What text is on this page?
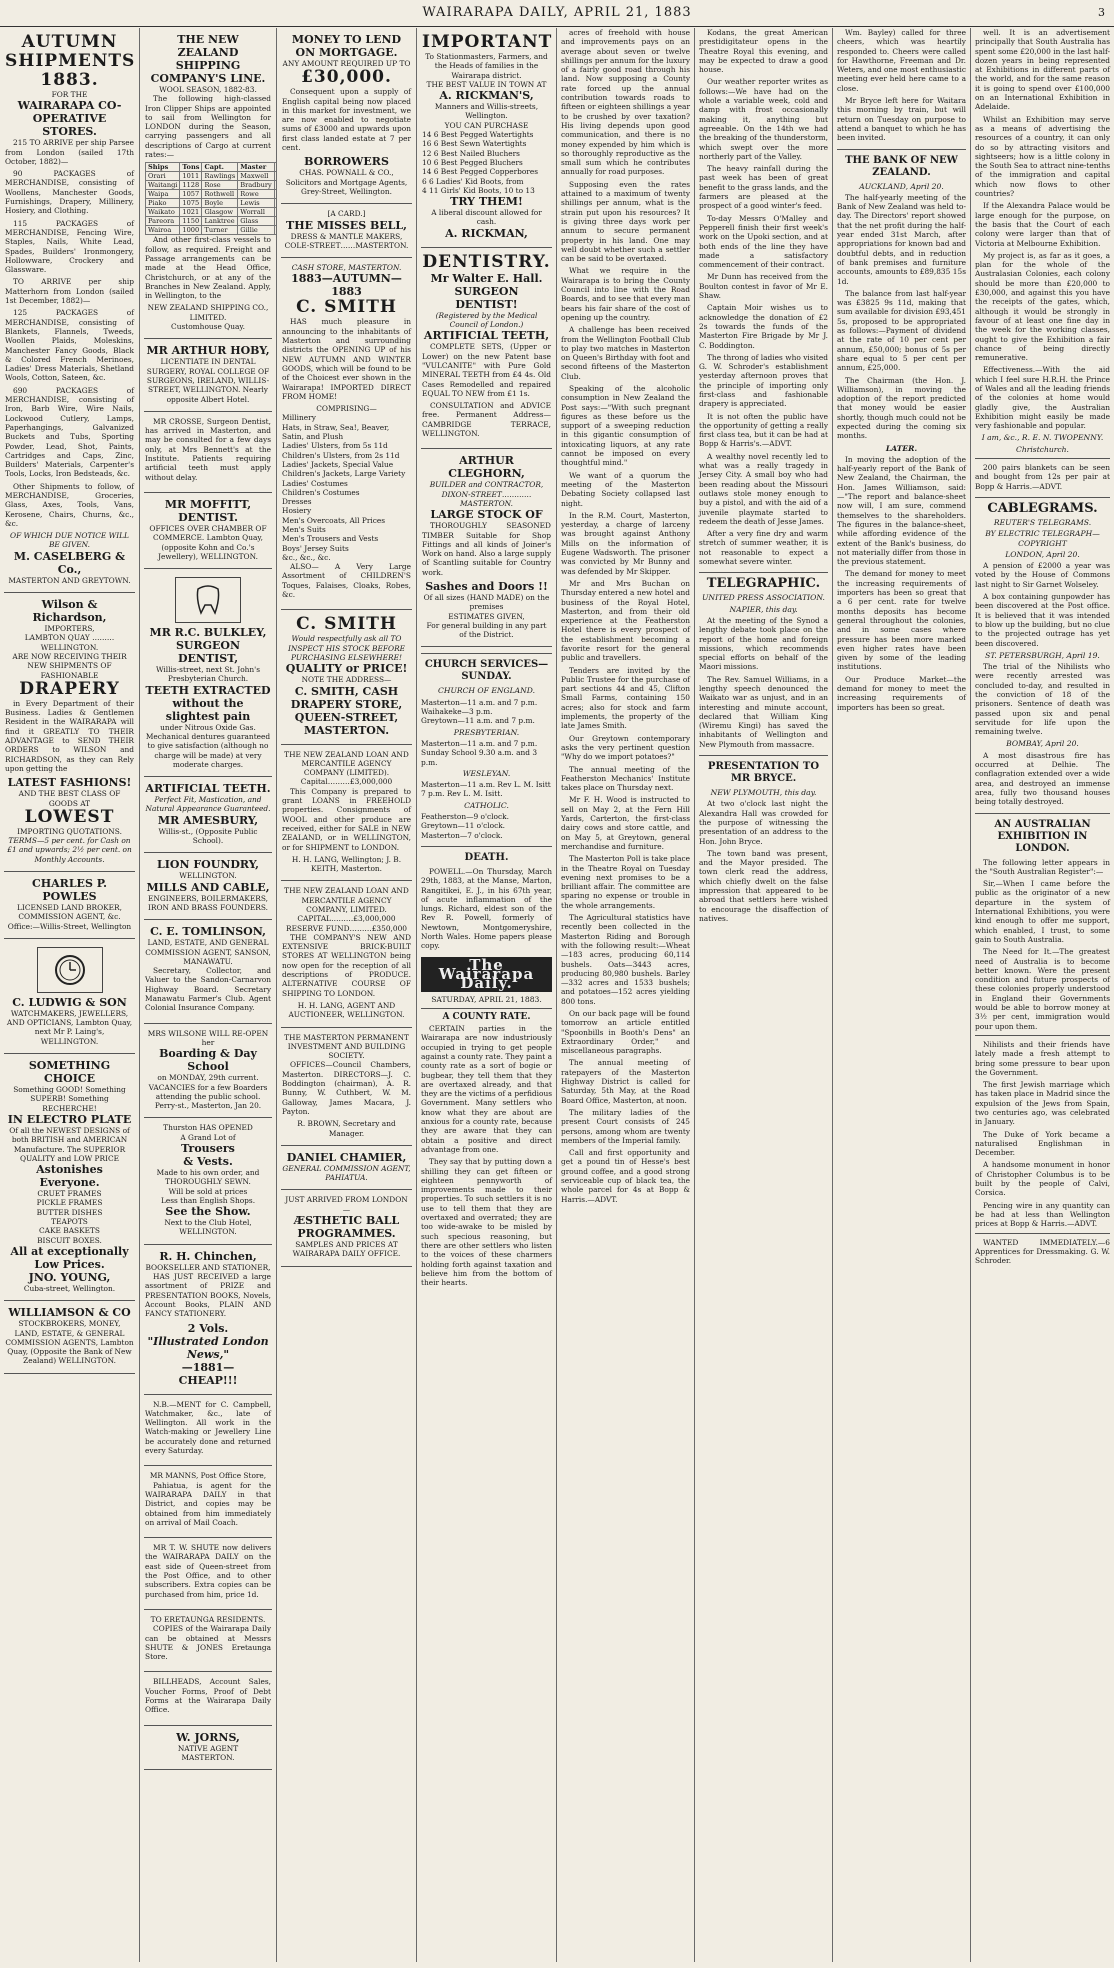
WAIRARAPA DAILY, APRIL 21, 1883	3
AUTUMN SHIPMENTS
1883.
FOR THE
WAIRARAPA CO-OPERATIVE STORES.

215 TO ARRIVE per ship Parsee from London (sailed 17th October, 1882)—

90 PACKAGES of MERCHANDISE, consisting of Woollens, Manchester Goods, Furnishings, Drapery, Millinery, Hosiery, and Clothing.

115 PACKAGES of MERCHANDISE, Fencing Wire, Staples, Nails, White Lead, Spades, Builders' Ironmongery, Hollowware, Crockery and Glassware.

TO ARRIVE per ship Matterhorn from London (sailed 1st December, 1882)—

125 PACKAGES of MERCHANDISE, consisting of Blankets, Flannels, Tweeds, Woollen Plaids, Moleskins, Manchester Fancy Goods, Black & Colored French Merinoes, Ladies' Dress Materials, Shetland Wools, Cotton, Sateen, &c.

690 PACKAGES of MERCHANDISE, consisting of Iron, Barb Wire, Wire Nails, Lockwood Cutlery, Lamps, Paperhangings, Galvanized Buckets and Tubs, Sporting Powder, Lead, Shot, Paints, Cartridges and Caps, Zinc, Builders' Materials, Carpenter's Tools, Locks, Iron Bedsteads, &c.

Other Shipments to follow, of MERCHANDISE, Groceries, Glass, Axes, Tools, Vans, Kerosene, Chairs, Churns, &c., &c.

OF WHICH DUE NOTICE WILL BE GIVEN.
M. CASELBERG & Co.,
MASTERTON AND GREYTOWN.
Wilson & Richardson,
IMPORTERS,
LAMBTON QUAY ……… WELLINGTON.
ARE NOW RECEIVING THEIR NEW SHIPMENTS OF FASHIONABLE
DRAPERY

in Every Department of their Business. Ladies & Gentlemen Resident in the WAIRARAPA will find it GREATLY TO THEIR ADVANTAGE to SEND THEIR ORDERS to WILSON and RICHARDSON, as they can Rely upon getting the

LATEST FASHIONS!
AND THE BEST CLASS OF GOODS AT
LOWEST
IMPORTING QUOTATIONS.
TERMS—5 per cent. for Cash on £1 and upwards; 2½ per cent. on Monthly Accounts.
CHARLES P. POWLES
LICENSED LAND BROKER, COMMISSION AGENT, &c. Office:—Willis-Street, Wellington
C. LUDWIG & SON
WATCHMAKERS, JEWELLERS, AND OPTICIANS, Lambton Quay, next Mr P. Laing's, WELLINGTON.
SOMETHING CHOICE
Something GOOD! Something SUPERB! Something RECHERCHE!
IN ELECTRO PLATE
Of all the NEWEST DESIGNS of both BRITISH and AMERICAN Manufacture. The SUPERIOR QUALITY and LOW PRICE
Astonishes Everyone.
CRUET FRAMES
PICKLE FRAMES
BUTTER DISHES
TEAPOTS
CAKE BASKETS
BISCUIT BOXES.
All at exceptionally Low Prices.
JNO. YOUNG,
Cuba-street, Wellington.
WILLIAMSON & CO
STOCKBROKERS, MONEY, LAND, ESTATE, & GENERAL COMMISSION AGENTS, Lambton Quay, (Opposite the Bank of New Zealand) WELLINGTON.
THE NEW ZEALAND SHIPPING COMPANY'S LINE.
WOOL SEASON, 1882-83.

The following high-classed Iron Clipper Ships are appointed to sail from Wellington for LONDON during the Season, carrying passengers and all descriptions of Cargo at current rates:—

Ships	Tons	Capt.	Master	
Orari	1011	Rawlings	Maxwell	
Waitangi	1128	Rose	Bradbury	
Waipa	1057	Rothwell	Rowe	
Piako	1075	Boyle	Lewis	
Waikato	1021	Glasgow	Worrall	
Pareora	1150	Lanktree	Glass	
Wairoa	1000	Turner	Gillie	

And other first-class vessels to follow, as required. Freight and Passage arrangements can be made at the Head Office, Christchurch, or at any of the Branches in New Zealand. Apply, in Wellington, to the

NEW ZEALAND SHIPPING CO., LIMITED.
Customhouse Quay.
MR ARTHUR HOBY,
LICENTIATE IN DENTAL SURGERY, ROYAL COLLEGE OF SURGEONS, IRELAND, WILLIS-STREET, WELLINGTON. Nearly opposite Albert Hotel.

MR CROSSE, Surgeon Dentist, has arrived in Masterton, and may be consulted for a few days only, at Mrs Bennett's at the Institute. Patients requiring artificial teeth must apply without delay.

MR MOFFITT, DENTIST.
OFFICES OVER CHAMBER OF COMMERCE. Lambton Quay, (opposite Kohn and Co.'s Jewellery), WELLINGTON.
MR R.C. BULKLEY, SURGEON DENTIST,
Willis-street, next St. John's Presbyterian Church.
TEETH EXTRACTED without the slightest pain
under Nitrous Oxide Gas. Mechanical dentures guaranteed to give satisfaction (although no charge will be made) at very moderate charges.
ARTIFICIAL TEETH.
Perfect Fit, Mastication, and Natural Appearance Guaranteed.
MR AMESBURY,
Willis-st., (Opposite Public School).
LION FOUNDRY,
WELLINGTON.
MILLS AND CABLE,
ENGINEERS, BOILERMAKERS, IRON AND BRASS FOUNDERS.
C. E. TOMLINSON,
LAND, ESTATE, AND GENERAL COMMISSION AGENT, SANSON, MANAWATU.

Secretary, Collector, and Valuer to the Sandon-Carnarvon Highway Board. Secretary Manawatu Farmer's Club. Agent Colonial Insurance Company.

MRS WILSONE WILL RE-OPEN her
Boarding & Day School
on MONDAY, 29th current. VACANCIES for a few Boarders attending the public school.
Perry-st., Masterton, Jan 20.
Thurston HAS OPENED
A Grand Lot of
Trousers
& Vests.
Made to his own order, and
THOROUGHLY SEWN.
Will be sold at prices
Less than English Shops.
See the Show.
Next to the Club Hotel, WELLINGTON.
R. H. Chinchen,
BOOKSELLER AND STATIONER,

HAS JUST RECEIVED a large assortment of PRIZE and PRESENTATION BOOKS, Novels, Account Books, PLAIN AND FANCY STATIONERY.

2 Vols.
"Illustrated London News,"
—1881—
CHEAP!!!

N.B.—MENT for C. Campbell, Watchmaker, &c., late of Wellington. All work in the Watch-making or Jewellery Line be accurately done and returned every Saturday.

MR MANNS, Post Office Store,

Pahiatua, is agent for the WAIRARAPA DAILY in that District, and copies may be obtained from him immediately on arrival of Mail Coach.

MR T. W. SHUTE now delivers the WAIRARAPA DAILY on the east side of Queen-street from the Post Office, and to other subscribers. Extra copies can be purchased from him, price 1d.

TO ERETAUNGA RESIDENTS.

COPIES of the Wairarapa Daily can be obtained at Messrs SHUTE & JONES Eretaunga Store.

BILLHEADS, Account Sales, Voucher Forms, Proof of Debt Forms at the Wairarapa Daily Office.

W. JORNS,
NATIVE AGENT
MASTERTON.
MONEY TO LEND ON MORTGAGE.
ANY AMOUNT REQUIRED UP TO
£30,000.

Consequent upon a supply of English capital being now placed in this market for investment, we are now enabled to negotiate sums of £3000 and upwards upon first class landed estate at 7 per cent.

BORROWERS
CHAS. POWNALL & CO.,
Solicitors and Mortgage Agents, Grey-Street, Wellington.
[A CARD.]
THE MISSES BELL,
DRESS & MANTLE MAKERS,
COLE-STREET……MASTERTON.
CASH STORE, MASTERTON.
1883—AUTUMN—1883
C. SMITH

HAS much pleasure in announcing to the inhabitants of Masterton and surrounding districts the OPENING UP of his NEW AUTUMN AND WINTER GOODS, which will be found to be of the Choicest ever shown in the Wairarapa! IMPORTED DIRECT FROM HOME!

COMPRISING—
Millinery
Hats, in Straw, Sea!, Beaver, Satin, and Plush
Ladies' Ulsters, from 5s 11d
Children's Ulsters, from 2s 11d
Ladies' Jackets, Special Value
Children's Jackets, Large Variety
Ladies' Costumes
Children's Costumes
Dresses
Hosiery
Men's Overcoats, All Prices
Men's Suits
Men's Trousers and Vests
Boys' Jersey Suits
&c., &c., &c.

ALSO— A Very Large Assortment of CHILDREN'S Toques, Falaises, Cloaks, Robes, &c.

C. SMITH
Would respectfully ask all TO INSPECT HIS STOCK BEFORE PURCHASING ELSEWHERE!
QUALITY or PRICE!
NOTE THE ADDRESS—
C. SMITH, CASH DRAPERY STORE, QUEEN-STREET, MASTERTON.
THE NEW ZEALAND LOAN AND MERCANTILE AGENCY COMPANY (LIMITED).
Capital………£3,000,000

This Company is prepared to grant LOANS in FREEHOLD properties. Consignments of WOOL and other produce are received, either for SALE in NEW ZEALAND, or in WELLINGTON, or for SHIPMENT to LONDON.

H. H. LANG, Wellington; J. B. KEITH, Masterton.
THE NEW ZEALAND LOAN AND MERCANTILE AGENCY COMPANY, LIMITED.
CAPITAL………£3,000,000
RESERVE FUND………£350,000

THE COMPANY'S NEW AND EXTENSIVE BRICK-BUILT STORES AT WELLINGTON being now open for the reception of all descriptions of PRODUCE. ALTERNATIVE COURSE OF SHIPPING TO LONDON.

H. H. LANG, AGENT AND AUCTIONEER, WELLINGTON.
THE MASTERTON PERMANENT INVESTMENT AND BUILDING SOCIETY.

OFFICES—Council Chambers, Masterton. DIRECTORS—J. C. Boddington (chairman), A. R. Bunny, W. Cuthbert, W. M. Galloway, James Macara, J. Payton.

R. BROWN, Secretary and Manager.
DANIEL CHAMIER,
GENERAL COMMISSION AGENT, PAHIATUA.
JUST ARRIVED FROM LONDON—
ÆSTHETIC BALL PROGRAMMES.
SAMPLES AND PRICES AT WAIRARAPA DAILY OFFICE.
IMPORTANT
To Stationmasters, Farmers, and the Heads of families in the Wairarapa district.
THE BEST VALUE IN TOWN AT
A. RICKMAN'S,
Manners and Willis-streets, Wellington.
YOU CAN PURCHASE
14 6 Best Pegged Watertights
16 6 Best Sewn Watertights
12 6 Best Nailed Bluchers
10 6 Best Pegged Bluchers
14 6 Best Pegged Copperbores
6 6 Ladies' Kid Boots, from
4 11 Girls' Kid Boots, 10 to 13
TRY THEM!
A liberal discount allowed for cash.
A. RICKMAN,
DENTISTRY.
Mr Walter E. Hall.
SURGEON DENTIST!
(Registered by the Medical Council of London.)
ARTIFICIAL TEETH,

COMPLETE SETS, (Upper or Lower) on the new Patent base "VULCANITE" with Pure Gold MINERAL TEETH from £4 4s. Old Cases Remodelled and repaired EQUAL TO NEW from £1 1s.

CONSULTATION and ADVICE free. Permanent Address—CAMBRIDGE TERRACE, WELLINGTON.

ARTHUR CLEGHORN,
BUILDER and CONTRACTOR, DIXON-STREET…………MASTERTON.
LARGE STOCK OF

THOROUGHLY SEASONED TIMBER Suitable for Shop Fittings and all kinds of Joiner's Work on hand. Also a large supply of Scantling suitable for Country work.

Sashes and Doors !!
Of all sizes (HAND MADE) on the premises
ESTIMATES GIVEN,
For general building in any part of the District.
CHURCH SERVICES—SUNDAY.
CHURCH OF ENGLAND.
Masterton—11 a.m. and 7 p.m.
Waihakeke—3 p.m.
Greytown—11 a.m. and 7 p.m.
PRESBYTERIAN.
Masterton—11 a.m. and 7 p.m.
Sunday School 9.30 a.m. and 3 p.m.
WESLEYAN.
Masterton—11 a.m. Rev L. M. Isitt
7 p.m. Rev L. M. Isitt.
CATHOLIC.
Featherston—9 o'clock.
Greytown—11 o'clock.
Masterton—7 o'clock.
DEATH.

POWELL.—On Thursday, March 29th, 1883, at the Manse, Marton, Rangitikei, E. J., in his 67th year, of acute inflammation of the lungs. Richard, eldest son of the Rev R. Powell, formerly of Newtown, Montgomeryshire, North Wales. Home papers please copy.

The Wairarapa Daily.
SATURDAY, APRIL 21, 1883.
A COUNTY RATE.

CERTAIN parties in the Wairarapa are now industriously occupied in trying to get people against a county rate. They paint a county rate as a sort of bogie or bugbear, they tell them that they are overtaxed already, and that they are the victims of a perfidious Government. Many settlers who know what they are about are anxious for a county rate, because they are aware that they can obtain a positive and direct advantage from one.

They say that by putting down a shilling they can get fifteen or eighteen pennyworth of improvements made to their properties. To such settlers it is no use to tell them that they are overtaxed and overrated; they are too wide-awake to be misled by such specious reasoning, but there are other settlers who listen to the voices of these charmers holding forth against taxation and believe him from the bottom of their hearts.

acres of freehold with house and improvements pays on an average about seven or twelve shillings per annum for the luxury of a fairly good road through his land. Now supposing a County rate forced up the annual contribution towards roads to fifteen or eighteen shillings a year to be crushed by over taxation? His living depends upon good communication, and there is no money expended by him which is so thoroughly reproductive as the small sum which he contributes annually for road purposes.

Supposing even the rates attained to a maximum of twenty shillings per annum, what is the strain put upon his resources? It is giving three days work per annum to secure permanent property in his land. One may well doubt whether such a settler can be said to be overtaxed.

What we require in the Wairarapa is to bring the County Council into line with the Road Boards, and to see that every man bears his fair share of the cost of opening up the country.

A challenge has been received from the Wellington Football Club to play two matches in Masterton on Queen's Birthday with foot and second fifteens of the Masterton Club.

Speaking of the alcoholic consumption in New Zealand the Post says:—"With such pregnant figures as these before us the support of a sweeping reduction in this gigantic consumption of intoxicating liquors, at any rate cannot be imposed on every thoughtful mind."

We want of a quorum the meeting of the Masterton Debating Society collapsed last night.

In the R.M. Court, Masterton, yesterday, a charge of larceny was brought against Anthony Mills on the information of Eugene Wadsworth. The prisoner was convicted by Mr Bunny and was defended by Mr Skipper.

Mr and Mrs Buchan on Thursday entered a new hotel and business of the Royal Hotel, Masterton, and from their old experience at the Featherston Hotel there is every prospect of the establishment becoming a favorite resort for the general public and travellers.

Tenders are invited by the Public Trustee for the purchase of part sections 44 and 45, Clifton Small Farms, containing 150 acres; also for stock and farm implements, the property of the late James Smith.

Our Greytown contemporary asks the very pertinent question "Why do we import potatoes?"

The annual meeting of the Featherston Mechanics' Institute takes place on Thursday next.

Mr F. H. Wood is instructed to sell on May 2, at the Fern Hill Yards, Carterton, the first-class dairy cows and store cattle, and on May 5, at Greytown, general merchandise and furniture.

The Masterton Poll is take place in the Theatre Royal on Tuesday evening next promises to be a brilliant affair. The committee are sparing no expense or trouble in the whole arrangements.

The Agricultural statistics have recently been collected in the Masterton Riding and Borough with the following result:—Wheat—183 acres, producing 60,114 bushels. Oats—3443 acres, producing 80,980 bushels. Barley—332 acres and 1533 bushels; and potatoes—152 acres yielding 800 tons.

On our back page will be found tomorrow an article entitled "Spoonbills in Booth's Dens" an Extraordinary Order," and miscellaneous paragraphs.

The annual meeting of ratepayers of the Masterton Highway District is called for Saturday, 5th May, at the Road Board Office, Masterton, at noon.

The military ladies of the present Court consists of 245 persons, among whom are twenty members of the Imperial family.

Call and first opportunity and get a pound tin of Hesse's best ground coffee, and a good strong serviceable cup of black tea, the whole parcel for 4s at Bopp & Harris.—ADVT.

Kodans, the great American prestidigitateur opens in the Theatre Royal this evening, and may be expected to draw a good house.

Our weather reporter writes as follows:—We have had on the whole a variable week, cold and damp with frost occasionally making it, anything but agreeable. On the 14th we had the breaking of the thunderstorm, which swept over the more northerly part of the Valley.

The heavy rainfall during the past week has been of great benefit to the grass lands, and the farmers are pleased at the prospect of a good winter's feed.

To-day Messrs O'Malley and Pepperell finish their first week's work on the Upoki section, and at both ends of the line they have made a satisfactory commencement of their contract.

Mr Dunn has received from the Boulton contest in favor of Mr E. Shaw.

Captain Moir wishes us to acknowledge the donation of £2 2s towards the funds of the Masterton Fire Brigade by Mr J. C. Boddington.

The throng of ladies who visited G. W. Schroder's establishment yesterday afternoon proves that the principle of importing only first-class and fashionable drapery is appreciated.

It is not often the public have the opportunity of getting a really first class tea, but it can be had at Bopp & Harris's.—ADVT.

A wealthy novel recently led to what was a really tragedy in Jersey City. A small boy who had been reading about the Missouri outlaws stole money enough to buy a pistol, and with the aid of a juvenile playmate started to redeem the death of Jesse James.

After a very fine dry and warm stretch of summer weather, it is not reasonable to expect a somewhat severe winter.

TELEGRAPHIC.
UNITED PRESS ASSOCIATION.
NAPIER, this day.

At the meeting of the Synod a lengthy debate took place on the report of the home and foreign missions, which recommends special efforts on behalf of the Maori missions.

The Rev. Samuel Williams, in a lengthy speech denounced the Waikato war as unjust, and in an interesting and minute account, declared that William King (Wiremu Kingi) has saved the inhabitants of Wellington and New Plymouth from massacre.

PRESENTATION TO MR BRYCE.
NEW PLYMOUTH, this day.

At two o'clock last night the Alexandra Hall was crowded for the purpose of witnessing the presentation of an address to the Hon. John Bryce.

The town band was present, and the Mayor presided. The town clerk read the address, which chiefly dwelt on the false impression that appeared to be abroad that settlers here wished to encourage the disaffection of natives.

Wm. Bayley) called for three cheers, which was heartily responded to. Cheers were called for Hawthorne, Freeman and Dr. Weters, and one most enthusiastic meeting ever held here came to a close.

Mr Bryce left here for Waitara this morning by train, but will return on Tuesday on purpose to attend a banquet to which he has been invited.

THE BANK OF NEW ZEALAND.
AUCKLAND, April 20.

The half-yearly meeting of the Bank of New Zealand was held to-day. The Directors' report showed that the net profit during the half-year ended 31st March, after appropriations for known bad and doubtful debts, and in reduction of bank premises and furniture accounts, amounts to £89,835 15s 1d.

The balance from last half-year was £3825 9s 11d, making that sum available for division £93,451 5s, proposed to be appropriated as follows:—Payment of dividend at the rate of 10 per cent per annum, £50,000; bonus of 5s per share equal to 5 per cent per annum, £25,000.

The Chairman (the Hon. J. Williamson), in moving the adoption of the report predicted that money would be easier shortly, though much could not be expected during the coming six months.

LATER.

In moving the adoption of the half-yearly report of the Bank of New Zealand, the Chairman, the Hon. James Williamson, said:—"The report and balance-sheet now will, I am sure, commend themselves to the shareholders. The figures in the balance-sheet, while affording evidence of the extent of the Bank's business, do not materially differ from those in the previous statement.

The demand for money to meet the increasing requirements of importers has been so great that a 6 per cent. rate for twelve months deposits has become general throughout the colonies, and in some cases where pressure has been more marked even higher rates have been given by some of the leading institutions.

Our Produce Market—the demand for money to meet the increasing requirements of importers has been so great.

well. It is an advertisement principally that South Australia has spent some £20,000 in the last half-dozen years in being represented at Exhibitions in different parts of the world, and for the same reason it is going to spend over £100,000 on an International Exhibition in Adelaide.

Whilst an Exhibition may serve as a means of advertising the resources of a country, it can only do so by attracting visitors and sightseers; how is a little colony in the South Sea to attract nine-tenths of the immigration and capital which now flows to other countries?

If the Alexandra Palace would be large enough for the purpose, on the basis that the Court of each colony were larger than that of Victoria at Melbourne Exhibition.

My project is, as far as it goes, a plan for the whole of the Australasian Colonies, each colony should be more than £20,000 to £30,000, and against this you have the receipts of the gates, which, although it would be strongly in favour of at least one fine day in the week for the working classes, ought to give the Exhibition a fair chance of being directly remunerative.

Effectiveness.—With the aid which I feel sure H.R.H. the Prince of Wales and all the leading friends of the colonies at home would gladly give, the Australian Exhibition might easily be made very fashionable and popular.

I am, &c., R. E. N. TWOPENNY.
Christchurch.

200 pairs blankets can be seen and bought from 12s per pair at Bopp & Harris.—ADVT.

CABLEGRAMS.
REUTER'S TELEGRAMS.
BY ELECTRIC TELEGRAPH—COPYRIGHT
LONDON, April 20.

A pension of £2000 a year was voted by the House of Commons last night to Sir Garnet Wolseley.

A box containing gunpowder has been discovered at the Post office. It is believed that it was intended to blow up the building, but no clue to the projected outrage has yet been discovered.

ST. PETERSBURGH, April 19.

The trial of the Nihilists who were recently arrested was concluded to-day, and resulted in the conviction of 18 of the prisoners. Sentence of death was passed upon six and penal servitude for life upon the remaining twelve.

BOMBAY, April 20.

A most disastrous fire has occurred at Delhie. The conflagration extended over a wide area, and destroyed an immense area, fully two thousand houses being totally destroyed.

AN AUSTRALIAN EXHIBITION IN LONDON.

The following letter appears in the "South Australian Register":—

Sir,—When I came before the public as the originator of a new departure in the system of International Exhibitions, you were kind enough to offer me support, which enabled, I trust, to some gain to South Australia.

The Need for It.—The greatest need of Australia is to become better known. Were the present condition and future prospects of these colonies properly understood in England their Governments would be able to borrow money at 3½ per cent, immigration would pour upon them.

Nihilists and their friends have lately made a fresh attempt to bring some pressure to bear upon the Government.

The first Jewish marriage which has taken place in Madrid since the expulsion of the Jews from Spain, two centuries ago, was celebrated in January.

The Duke of York became a naturalised Englishman in December.

A handsome monument in honor of Christopher Columbus is to be built by the people of Calvi, Corsica.

Pencing wire in any quantity can be had at less than Wellington prices at Bopp & Harris.—ADVT.

WANTED IMMEDIATELY.—6 Apprentices for Dressmaking. G. W. Schroder.
